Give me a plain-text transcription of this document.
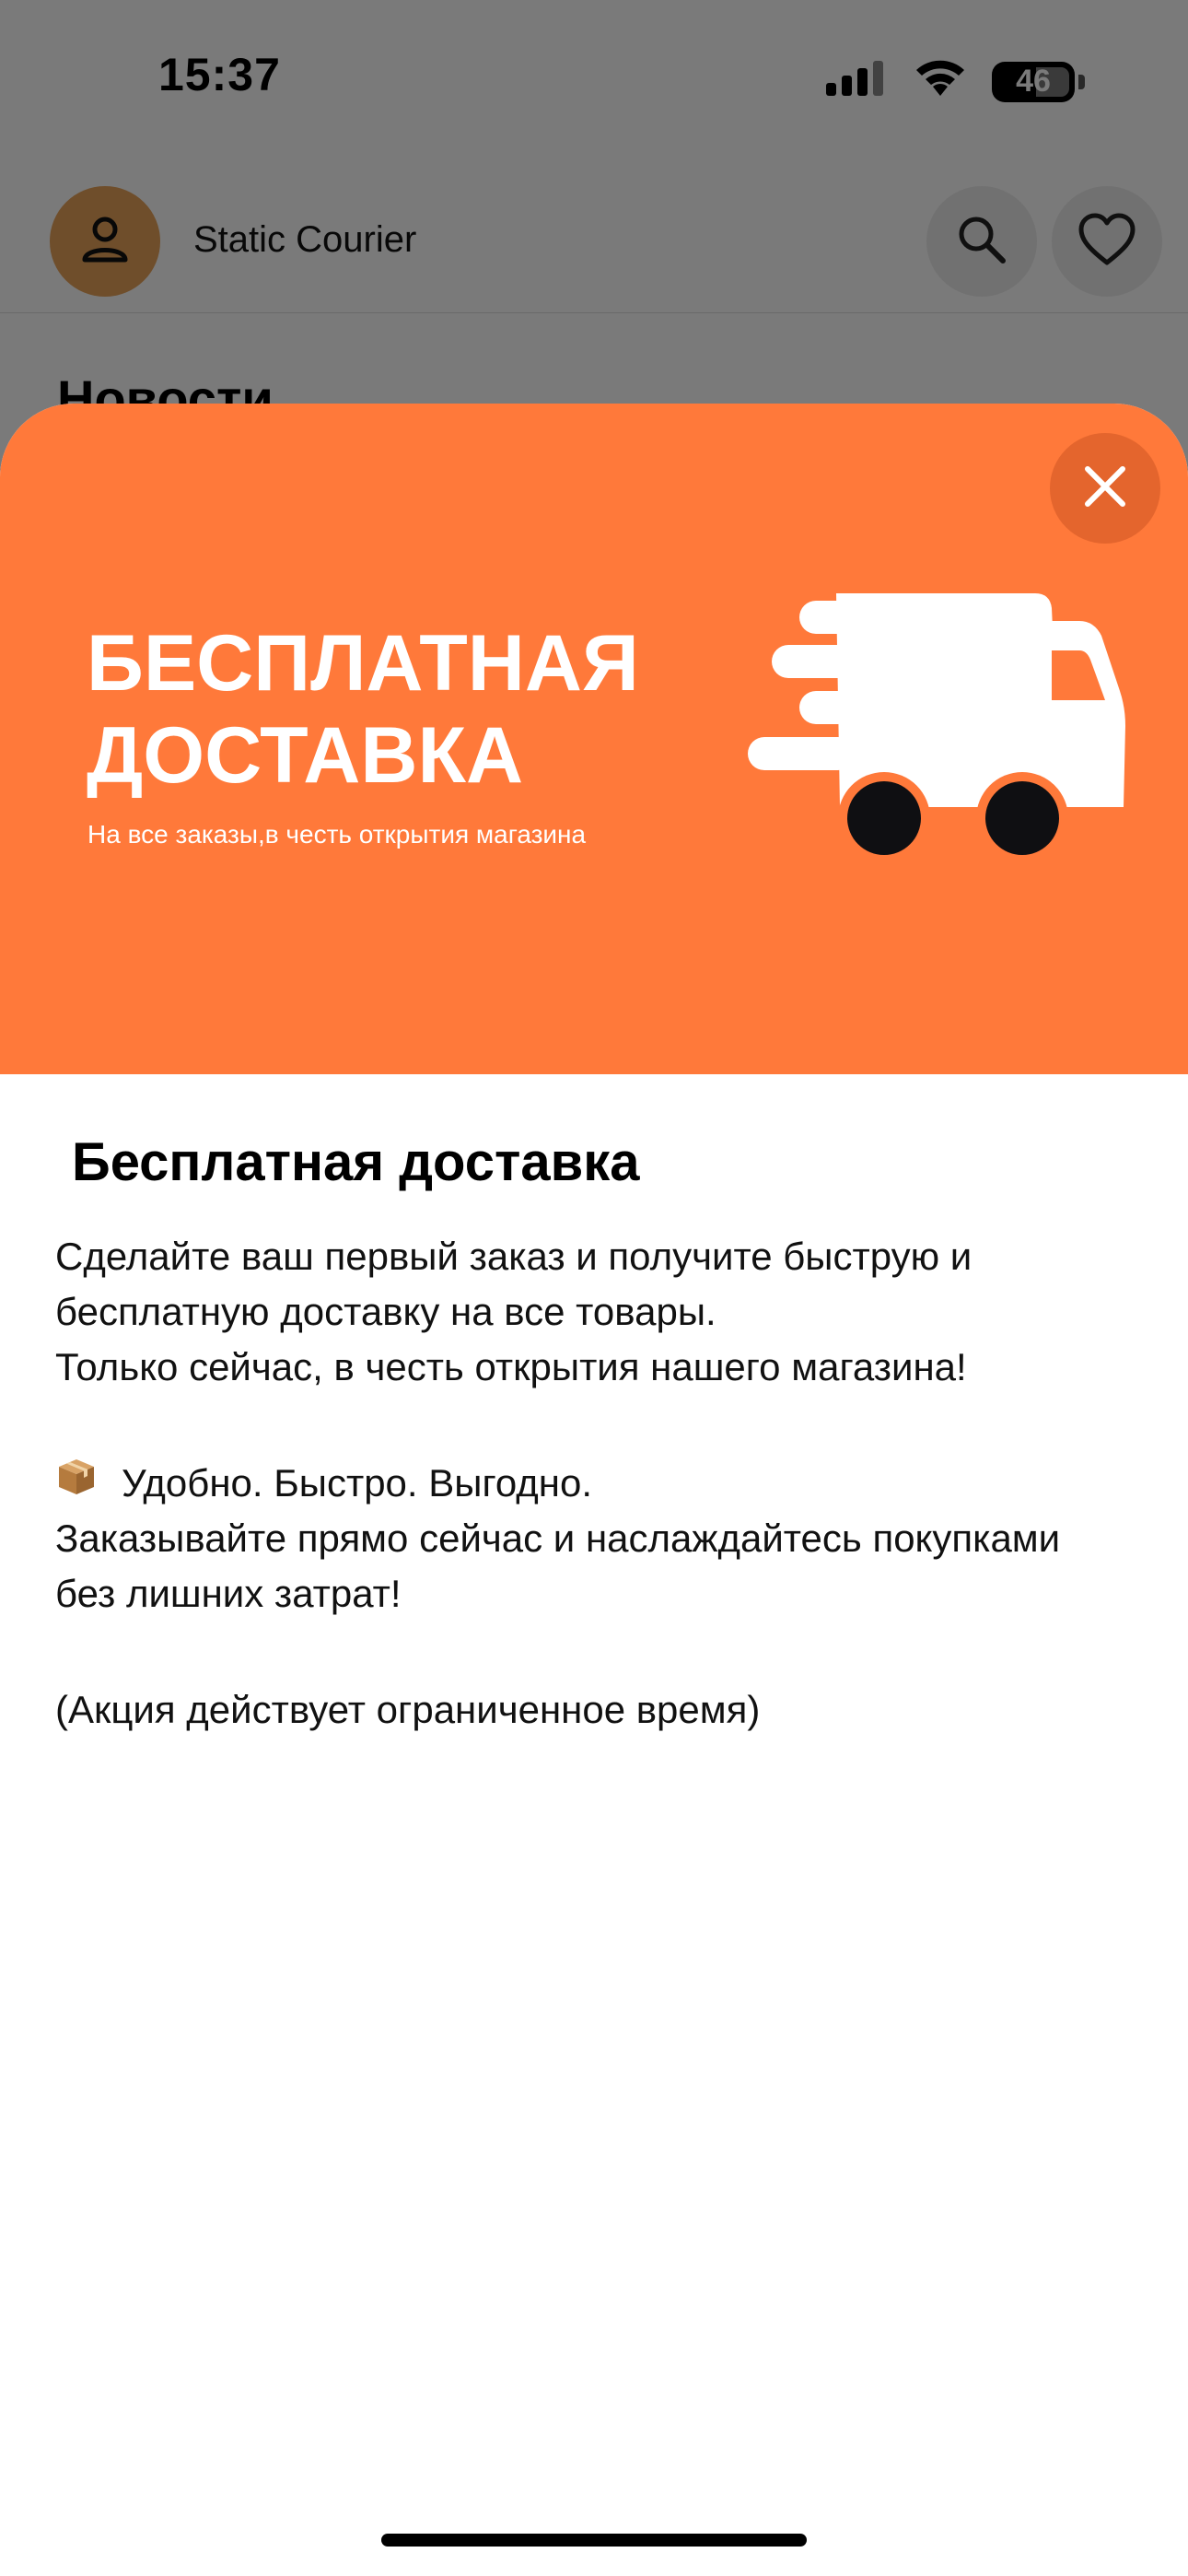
БЕСПЛАТНАЯ
ДОСТАВКА
На все заказы,в честь открытия магазина
Бесплатная доставка

Сделайте ваш первый заказ и получите быструю и

бесплатную доставку на все товары.

Только сейчас, в честь открытия нашего магазина!

Удобно. Быстро. Выгодно.

Заказывайте прямо сейчас и наслаждайтесь покупками

без лишних затрат!

(Акция действует ограниченное время)
